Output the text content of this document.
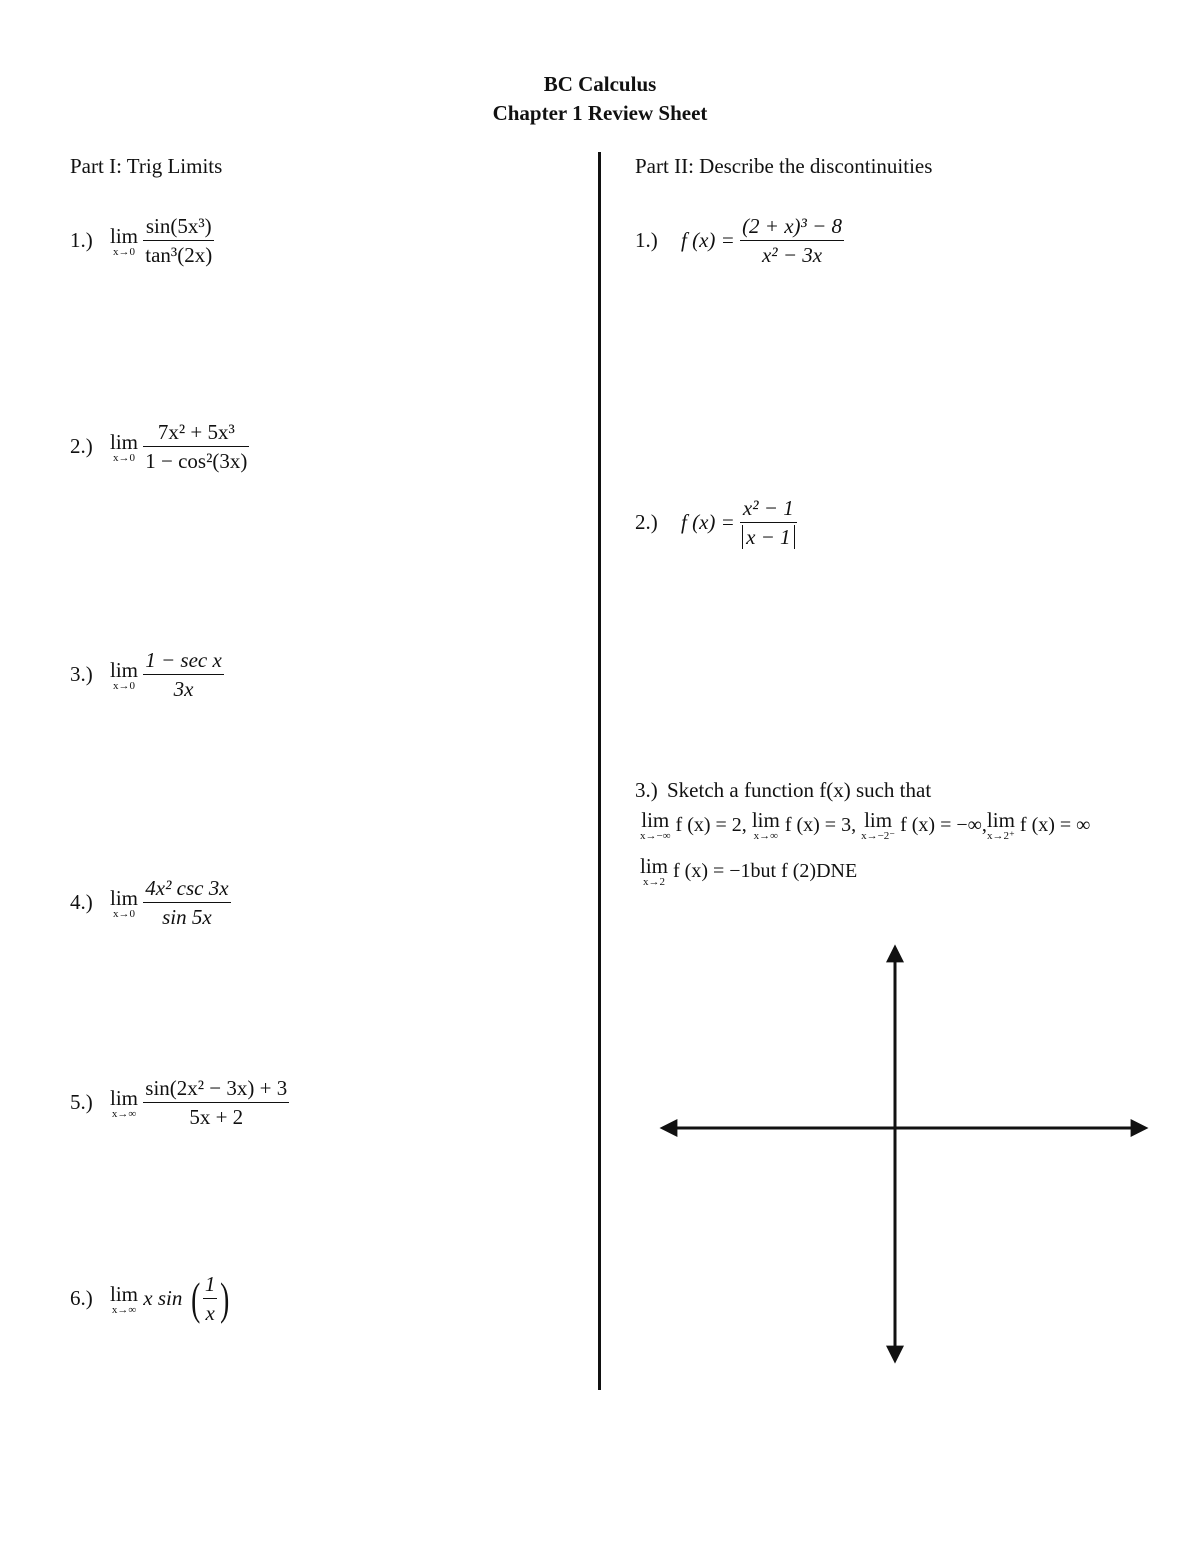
BC Calculus
Chapter 1 Review Sheet
Part I: Trig Limits
1.) lim
x→0
$\frac{\text{sin(5x³)}}{\text{tan³(2x)}}$
2.) lim
x→0
$\frac{\text{7x² + 5x³}}{\text{1 − cos²(3x)}}$
3.) lim
x→0
$\frac{\text{1 − sec x}}{3x}$
4.) lim
x→0
$\frac{\text{4x² csc 3x}}{\sin 5x}$
5.) lim
x→∞
$\frac{\text{sin(2x² − 3x) + 3}}{5x + 2}$
6.) lim
x→∞ x sin ( $\frac{1}{x}$ )
Part II: Describe the discontinuities
1.) f $(x) = \frac{\text{(2 + x)³ − 8}}{\text{x² − 3x}}$
2.) f $(x) = \frac{\text{x² − 1}}{x - 1}$
3.) Sketch a function f(x) such that
lim
x→−∞
f (x) = 2, lim
x→∞
f (x) = 3, lim
x→−2⁻
f (x) = −∞, lim
x→2⁺
f (x) = ∞
lim
x→2
f (x) = −1but f (2)DNE
